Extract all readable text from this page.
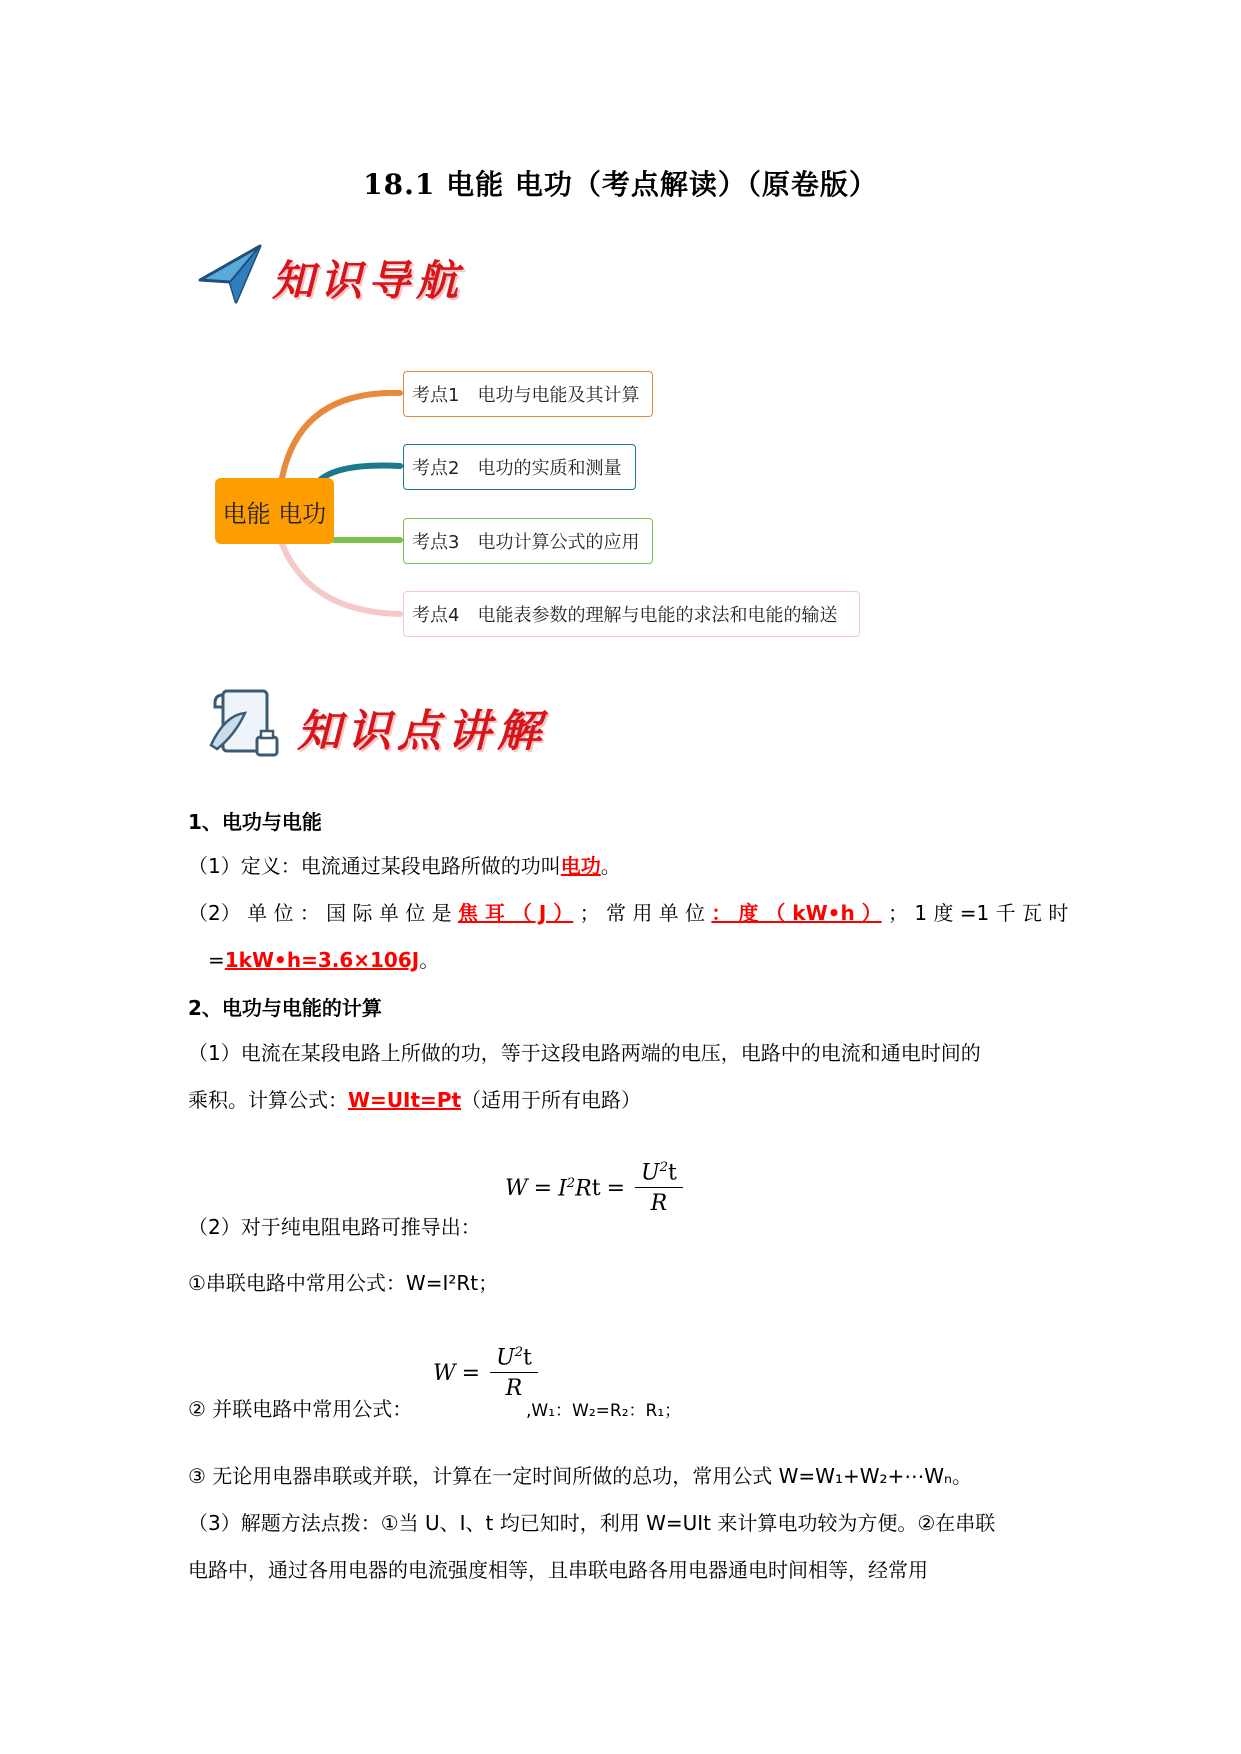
18.1 电能 电功（考点解读）（原卷版）
知识导航
电能 电功
考点1 电功与电能及其计算
考点2 电功的实质和测量
考点3 电功计算公式的应用
考点4 电能表参数的理解与电能的求法和电能的输送
知识点讲解
1、电功与电能
（1）定义：电流通过某段电路所做的功叫电功。
（2） 单 位 ： 国 际 单 位 是 焦 耳 （ J ） ； 常 用 单 位 ： 度 （ kW•h ） ； 1 度 =1 千 瓦 时
=1kW•h=3.6×106J。
2、电功与电能的计算
（1）电流在某段电路上所做的功，等于这段电路两端的电压，电路中的电流和通电时间的
乘积。计算公式：W=UIt=Pt（适用于所有电路）
（2）对于纯电阻电路可推导出：
$W = I^2R$ $t = \frac{U^2t}{R}$
①串联电路中常用公式：W=I²Rt；
② 并联电路中常用公式：
$W = \frac{U^2t}{R}$
,W₁：W₂=R₂：R₁；
③ 无论用电器串联或并联，计算在一定时间所做的总功，常用公式 W=W₁+W₂+⋯Wₙ。
（3）解题方法点拨：①当 U、I、t 均已知时，利用 W=UIt 来计算电功较为方便。②在串联
电路中，通过各用电器的电流强度相等，且串联电路各用电器通电时间相等，经常用
